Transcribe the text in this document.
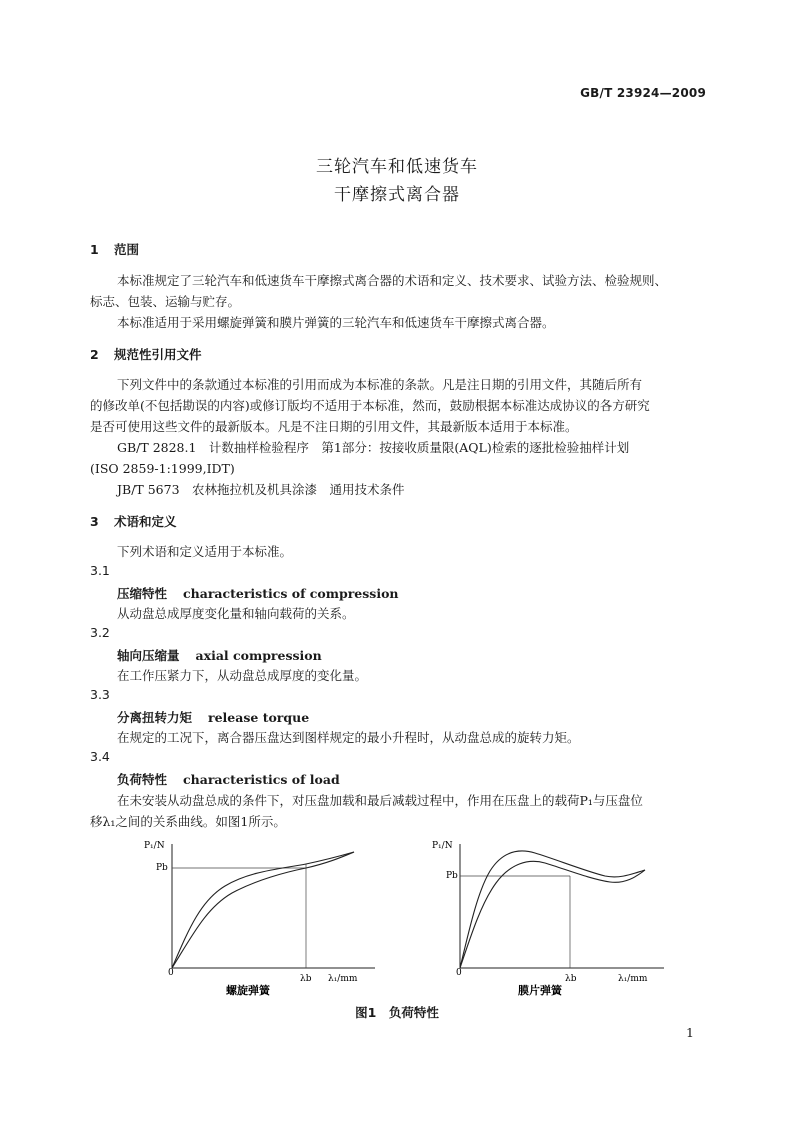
GB/T 23924—2009
三轮汽车和低速货车
干摩擦式离合器
1 范围
本标准规定了三轮汽车和低速货车干摩擦式离合器的术语和定义、技术要求、试验方法、检验规则、
标志、包装、运输与贮存。
本标准适用于采用螺旋弹簧和膜片弹簧的三轮汽车和低速货车干摩擦式离合器。
2 规范性引用文件
下列文件中的条款通过本标准的引用而成为本标准的条款。凡是注日期的引用文件，其随后所有
的修改单(不包括勘误的内容)或修订版均不适用于本标准，然而，鼓励根据本标准达成协议的各方研究
是否可使用这些文件的最新版本。凡是不注日期的引用文件，其最新版本适用于本标准。
GB/T 2828.1　计数抽样检验程序　第1部分：按接收质量限(AQL)检索的逐批检验抽样计划
(ISO 2859-1:1999,IDT)
JB/T 5673　农林拖拉机及机具涂漆　通用技术条件
3 术语和定义
下列术语和定义适用于本标准。
3.1
压缩特性 characteristics of compression
从动盘总成厚度变化量和轴向载荷的关系。
3.2
轴向压缩量 axial compression
在工作压紧力下，从动盘总成厚度的变化量。
3.3
分离扭转力矩 release torque
在规定的工况下，离合器压盘达到图样规定的最小升程时，从动盘总成的旋转力矩。
3.4
负荷特性 characteristics of load
在未安装从动盘总成的条件下，对压盘加载和最后减载过程中，作用在压盘上的载荷P₁与压盘位
移λ₁之间的关系曲线。如图1所示。
P₁/N
Pb
0
λb λ₁/mm
螺旋弹簧
P₁/N
Pb
0
λb	λ₁/mm
膜片弹簧
图1　负荷特性
1
